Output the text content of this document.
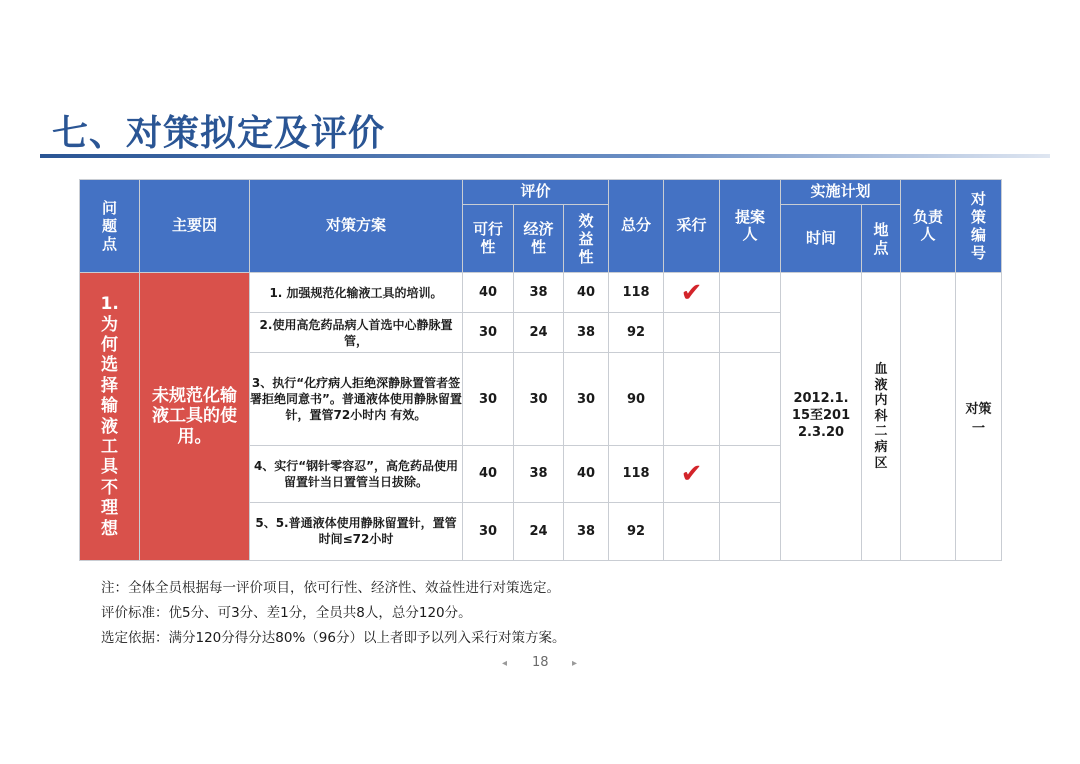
七、对策拟定及评价
问题点	主要因	对策方案	评价			总分	采行	提案人	实施计划		负责人	对策编号
			可行性	经济性	效益性				时间	地点		
1.为何选择输液工具不理想	未规范化输液工具的使用。	1. 加强规范化输液工具的培训。	40	38	40	118	✔		2012.1.15至2012.3.20	血液内科二病区		对策一
		2.使用高危药品病人首选中心静脉置管，	30	24	38	92						
		3、执行“化疗病人拒绝深静脉置管者签署拒绝同意书”。普通液体使用静脉留置针，置管72小时内 有效。	30	30	30	90						
		4、实行“钢针零容忍”，高危药品使用留置针当日置管当日拔除。	40	38	40	118	✔					
		5、5.普通液体使用静脉留置针，置管时间≤72小时	30	24	38	92						
注：全体全员根据每一评价项目，依可行性、经济性、效益性进行对策选定。
评价标准：优5分、可3分、差1分，全员共8人，总分120分。
选定依据：满分120分得分达80%（96分）以上者即予以列入采行对策方案。
◂ 18 ▸
